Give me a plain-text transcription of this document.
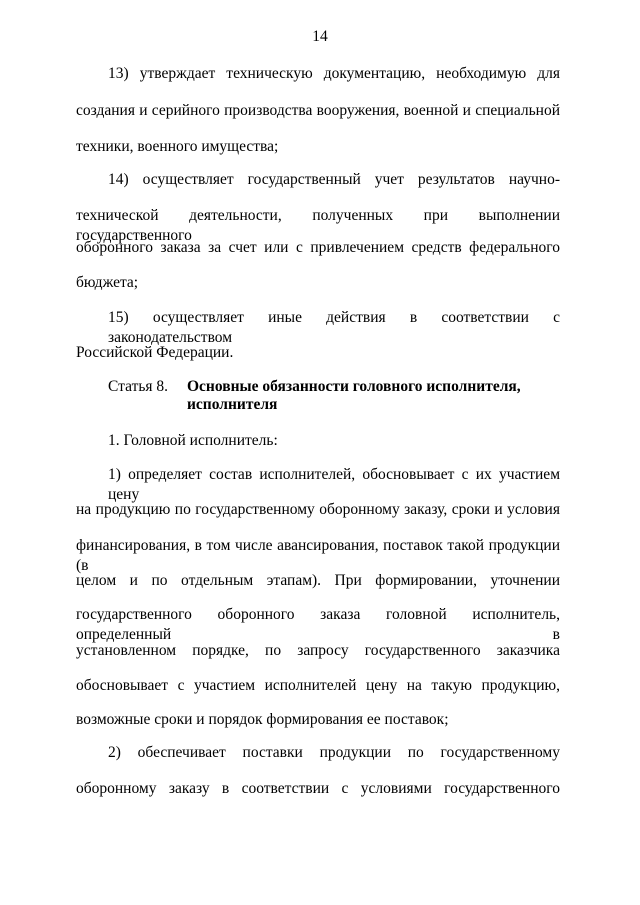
14
13) утверждает техническую документацию, необходимую для
создания и серийного производства вооружения, военной и специальной
техники, военного имущества;
14) осуществляет государственный учет результатов научно-
технической деятельности, полученных при выполнении государственного
оборонного заказа за счет или с привлечением средств федерального
бюджета;
15) осуществляет иные действия в соответствии с законодательством
Российской Федерации.
Статья 8. Основные обязанности головного исполнителя,
исполнителя
1. Головной исполнитель:
1) определяет состав исполнителей, обосновывает с их участием цену
на продукцию по государственному оборонному заказу, сроки и условия
финансирования, в том числе авансирования, поставок такой продукции (в
целом и по отдельным этапам). При формировании, уточнении
государственного оборонного заказа головной исполнитель, определенный в
установленном порядке, по запросу государственного заказчика
обосновывает с участием исполнителей цену на такую продукцию,
возможные сроки и порядок формирования ее поставок;
2) обеспечивает поставки продукции по государственному
оборонному заказу в соответствии с условиями государственного
